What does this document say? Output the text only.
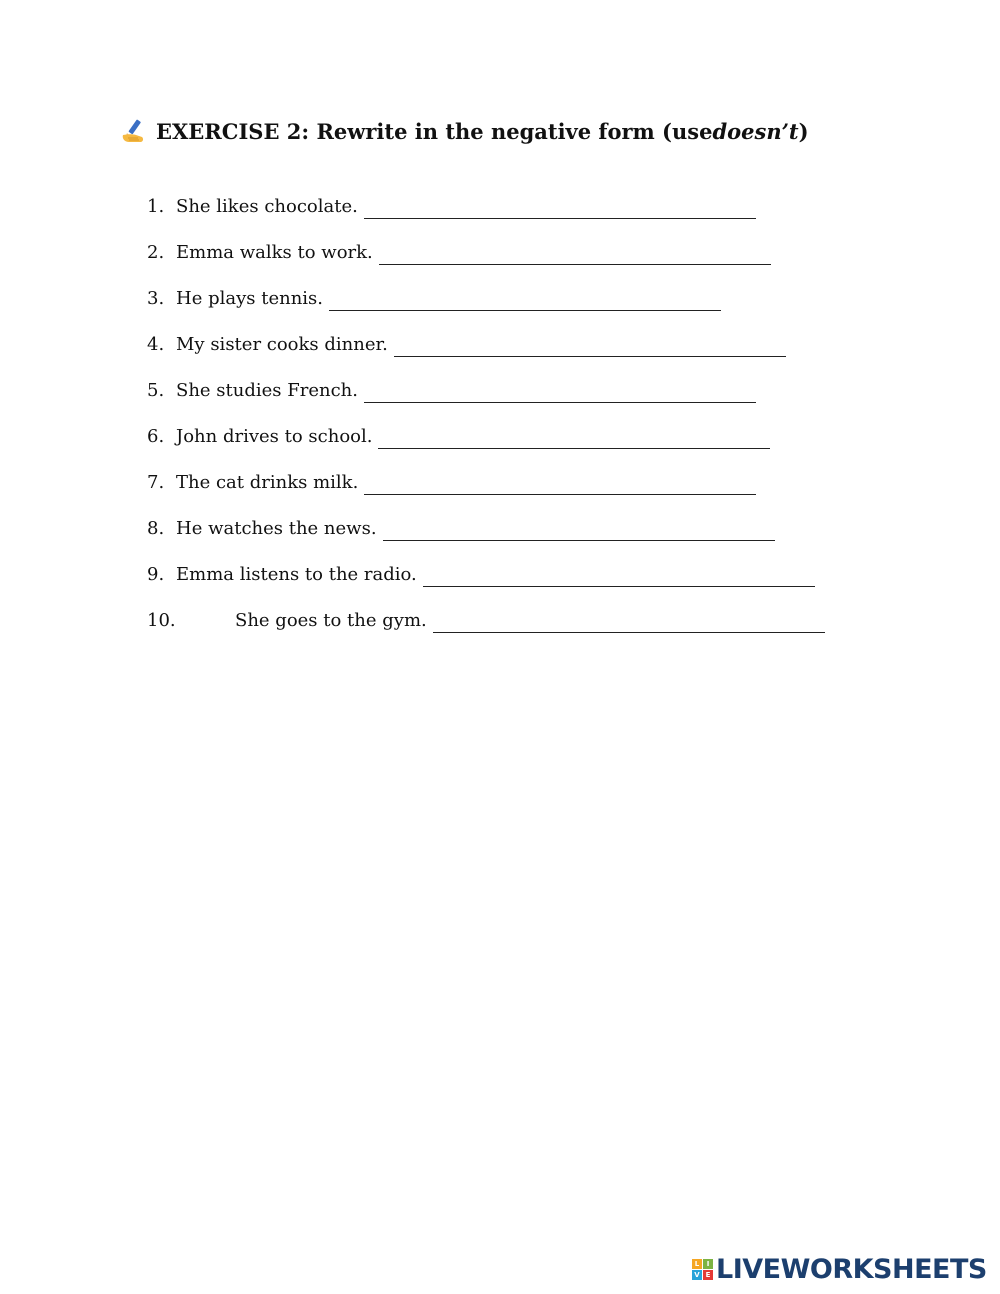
EXERCISE 2: Rewrite in the negative form (use doesn’t )
1. She likes chocolate.
2. Emma walks to work.
3. He plays tennis.
4. My sister cooks dinner.
5. She studies French.
6. John drives to school.
7. The cat drinks milk.
8. He watches the news.
9. Emma listens to the radio.
10.	She goes to the gym.
L	I
V E LIVEWORKSHEETS
